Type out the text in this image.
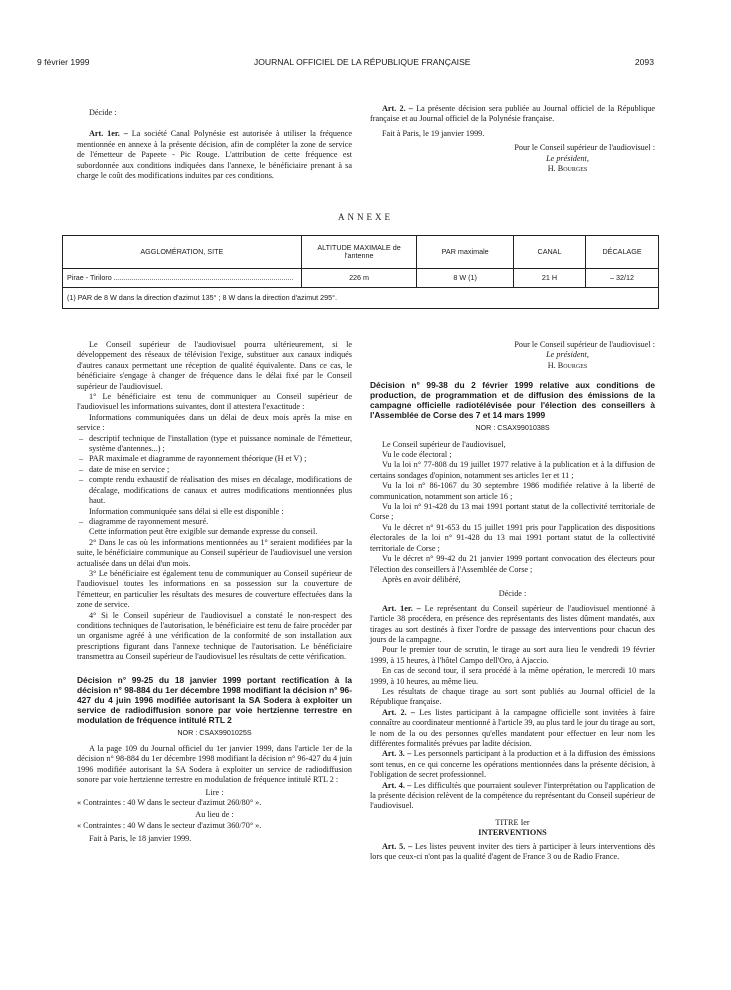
9 février 1999	JOURNAL OFFICIEL DE LA RÉPUBLIQUE FRANÇAISE	2093

Décide :

Art. 1er. – La société Canal Polynésie est autorisée à utiliser la fréquence mentionnée en annexe à la présente décision, afin de compléter la zone de service de l'émetteur de Papeete - Pic Rouge. L'attribution de cette fréquence est subordonnée aux conditions indiquées dans l'annexe, le bénéficiaire prenant à sa charge le coût des modifications induites par ces conditions.

Art. 2. – La présente décision sera publiée au Journal officiel de la République française et au Journal officiel de la Polynésie française.

Fait à Paris, le 19 janvier 1999.

Pour le Conseil supérieur de l'audiovisuel :

Le président,

H. Bourges

ANNEXE
AGGLOMÉRATION, SITE	ALTITUDE MAXIMALE de l'antenne	PAR maximale	CANAL	DÉCALAGE
Pirae - Tiriloro ..........................................................................................	226 m	8 W (1)	21 H	– 32/12
(1) PAR de 8 W dans la direction d'azimut 135° ; 8 W dans la direction d'azimut 295°.				

Le Conseil supérieur de l'audiovisuel pourra ultérieurement, si le développement des réseaux de télévision l'exige, substituer aux canaux indiqués d'autres canaux permettant une réception de qualité équivalente. Dans ce cas, le bénéficiaire s'engage à changer de fréquence dans le délai fixé par le Conseil supérieur de l'audiovisuel.

1° Le bénéficiaire est tenu de communiquer au Conseil supérieur de l'audiovisuel les informations suivantes, dont il attestera l'exactitude :

Informations communiquées dans un délai de deux mois après la mise en service :

– descriptif technique de l'installation (type et puissance nominale de l'émetteur, système d'antennes...) ;
– PAR maximale et diagramme de rayonnement théorique (H et V) ;
– date de mise en service ;
– compte rendu exhaustif de réalisation des mises en décalage, modifications de décalage, modifications de canaux et autres modifications mentionnées plus haut.

Information communiquée sans délai si elle est disponible :

– diagramme de rayonnement mesuré.

Cette information peut être exigible sur demande expresse du conseil.

2° Dans le cas où les informations mentionnées au 1° seraient modifiées par la suite, le bénéficiaire communique au Conseil supérieur de l'audiovisuel une version actualisée dans un délai d'un mois.

3° Le bénéficiaire est également tenu de communiquer au Conseil supérieur de l'audiovisuel toutes les informations en sa possession sur la couverture de l'émetteur, en particulier les résultats des mesures de couverture effectuées dans la zone de service.

4° Si le Conseil supérieur de l'audiovisuel a constaté le non-respect des conditions techniques de l'autorisation, le bénéficiaire est tenu de faire procéder par un organisme agréé à une vérification de la conformité de son installation aux prescriptions figurant dans l'annexe technique de l'autorisation. Le bénéficiaire transmettra au Conseil supérieur de l'audiovisuel les résultats de cette vérification.

Décision n° 99-25 du 18 janvier 1999 portant rectification à la décision n° 98-884 du 1er décembre 1998 modifiant la décision n° 96-427 du 4 juin 1996 modifiée autorisant la SA Sodera à exploiter un service de radiodiffusion sonore par voie hertzienne terrestre en modulation de fréquence intitulé RTL 2

NOR : CSAX9901025S

A la page 109 du Journal officiel du 1er janvier 1999, dans l'article 1er de la décision n° 98-884 du 1er décembre 1998 modifiant la décision n° 96-427 du 4 juin 1996 modifiée autorisant la SA Sodera à exploiter un service de radiodiffusion sonore par voie hertzienne terrestre en modulation de fréquence intitulé RTL 2 :

Lire :

« Contraintes : 40 W dans le secteur d'azimut 260/80° ».

Au lieu de :

« Contraintes : 40 W dans le secteur d'azimut 360/70° ».

Fait à Paris, le 18 janvier 1999.

Pour le Conseil supérieur de l'audiovisuel :

Le président,

H. Bourges

Décision n° 99-38 du 2 février 1999 relative aux conditions de production, de programmation et de diffusion des émissions de la campagne officielle radiotélévisée pour l'élection des conseillers à l'Assemblée de Corse des 7 et 14 mars 1999

NOR : CSAX9901038S

Le Conseil supérieur de l'audiovisuel,

Vu le code électoral ;

Vu la loi n° 77-808 du 19 juillet 1977 relative à la publication et à la diffusion de certains sondages d'opinion, notamment ses articles 1er et 11 ;

Vu la loi n° 86-1067 du 30 septembre 1986 modifiée relative à la liberté de communication, notamment son article 16 ;

Vu la loi n° 91-428 du 13 mai 1991 portant statut de la collectivité territoriale de Corse ;

Vu le décret n° 91-653 du 15 juillet 1991 pris pour l'application des dispositions électorales de la loi n° 91-428 du 13 mai 1991 portant statut de la collectivité territoriale de Corse ;

Vu le décret n° 99-42 du 21 janvier 1999 portant convocation des électeurs pour l'élection des conseillers à l'Assemblée de Corse ;

Après en avoir délibéré,

Décide :

Art. 1er. – Le représentant du Conseil supérieur de l'audiovisuel mentionné à l'article 38 procédera, en présence des représentants des listes dûment mandatés, aux tirages au sort destinés à fixer l'ordre de passage des interventions pour chacun des jours de la campagne.

Pour le premier tour de scrutin, le tirage au sort aura lieu le vendredi 19 février 1999, à 15 heures, à l'hôtel Campo dell'Oro, à Ajaccio.

En cas de second tour, il sera procédé à la même opération, le mercredi 10 mars 1999, à 10 heures, au même lieu.

Les résultats de chaque tirage au sort sont publiés au Journal officiel de la République française.

Art. 2. – Les listes participant à la campagne officielle sont invitées à faire connaître au coordinateur mentionné à l'article 39, au plus tard le jour du tirage au sort, le nom de la ou des personnes qu'elles mandatent pour effectuer en leur nom les différentes formalités prévues par ladite décision.

Art. 3. – Les personnels participant à la production et à la diffusion des émissions sont tenus, en ce qui concerne les opérations mentionnées dans la présente décision, à l'obligation de secret professionnel.

Art. 4. – Les difficultés que pourraient soulever l'interprétation ou l'application de la présente décision relèvent de la compétence du représentant du Conseil supérieur de l'audiovisuel.

TITRE Ier

INTERVENTIONS

Art. 5. – Les listes peuvent inviter des tiers à participer à leurs interventions dès lors que ceux-ci n'ont pas la qualité d'agent de France 3 ou de Radio France.
